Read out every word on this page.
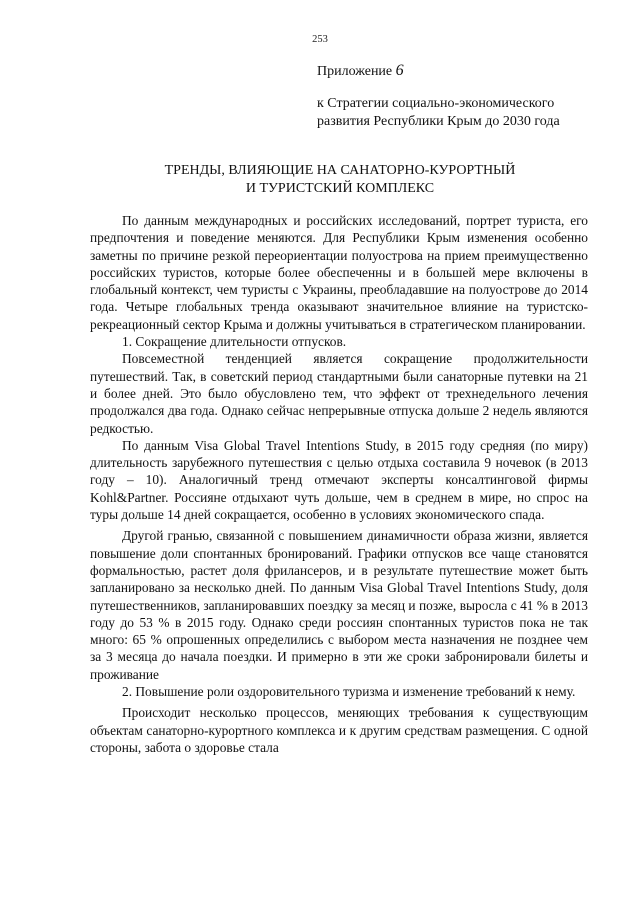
253
Приложение 6
к Стратегии социально-экономического
развития Республики Крым до 2030 года
ТРЕНДЫ, ВЛИЯЮЩИЕ НА САНАТОРНО-КУРОРТНЫЙ
И ТУРИСТСКИЙ КОМПЛЕКС

По данным международных и российских исследований, портрет туриста, его предпочтения и поведение меняются. Для Республики Крым изменения особенно заметны по причине резкой переориентации полуострова на прием преимущественно российских туристов, которые более обеспеченны и в большей мере включены в глобальный контекст, чем туристы с Украины, преобладавшие на полуострове до 2014 года. Четыре глобальных тренда оказывают значительное влияние на туристско-рекреационный сектор Крыма и должны учитываться в стратегическом планировании.

1. Сокращение длительности отпусков.

Повсеместной тенденцией является сокращение продолжительности путешествий. Так, в советский период стандартными были санаторные путевки на 21 и более дней. Это было обусловлено тем, что эффект от трехнедельного лечения продолжался два года. Однако сейчас непрерывные отпуска дольше 2 недель являются редкостью.

По данным Visa Global Travel Intentions Study, в 2015 году средняя (по миру) длительность зарубежного путешествия с целью отдыха составила 9 ночевок (в 2013 году – 10). Аналогичный тренд отмечают эксперты консалтинговой фирмы Kohl&Partner. Россияне отдыхают чуть дольше, чем в среднем в мире, но спрос на туры дольше 14 дней сокращается, особенно в условиях экономического спада.

Другой гранью, связанной с повышением динамичности образа жизни, является повышение доли спонтанных бронирований. Графики отпусков все чаще становятся формальностью, растет доля фрилансеров, и в результате путешествие может быть запланировано за несколько дней. По данным Visa Global Travel Intentions Study, доля путешественников, запланировавших поездку за месяц и позже, выросла с 41 % в 2013 году до 53 % в 2015 году. Однако среди россиян спонтанных туристов пока не так много: 65 % опрошенных определились с выбором места назначения не позднее чем за 3 месяца до начала поездки. И примерно в эти же сроки забронировали билеты и проживание

2. Повышение роли оздоровительного туризма и изменение требований к нему.

Происходит несколько процессов, меняющих требования к существующим объектам санаторно-курортного комплекса и к другим средствам размещения. С одной стороны, забота о здоровье стала
